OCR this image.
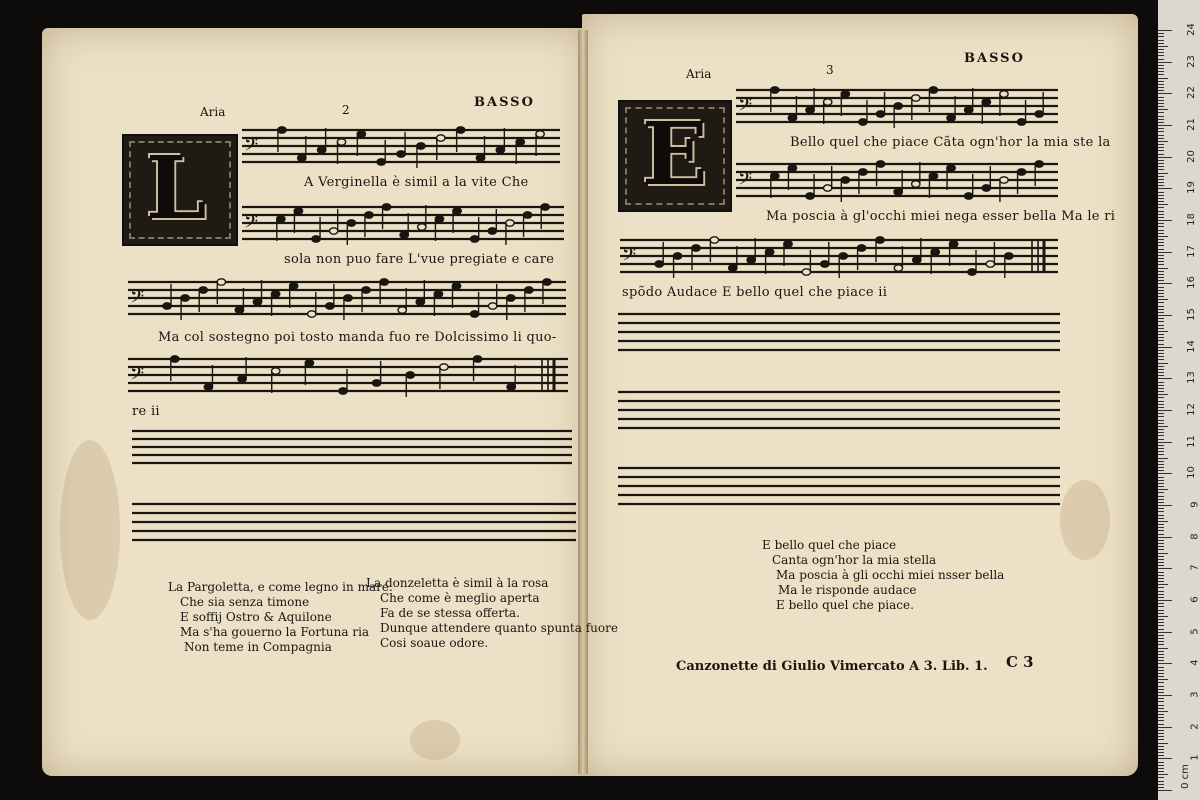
Aria	2	BASSO
L 𝄢
A Verginella è simil a la vite Che
𝄢
sola non puo fare L'vue pregiate e care
𝄢
Ma col sostegno poi tosto manda fuo re Dolcissimo li quo-
𝄢
re ii
La Pargoletta, e come legno in mare.
Che sia senza timone
E soffij Ostro & Aquilone
Ma s'ha gouerno la Fortuna ria
Non teme in Compagnia
La donzeletta è simil à la rosa
Che come è meglio aperta
Fa de se stessa offerta.
Dunque attendere quanto spunta fuore
Cosi soaue odore.
Aria	3
BASSO
E 𝄢
Bello quel che piace Cãta ogn'hor la mia ste la
𝄢
Ma poscia à gl'occhi miei nega esser bella Ma le ri
𝄢
spõdo Audace E bello quel che piace ii
E bello quel che piace
Canta ogn'hor la mia stella
Ma poscia à gli occhi miei nsser bella
Ma le risponde audace
E bello quel che piace.
Canzonette di Giulio Vimercato A 3. Lib. 1. C 3
0 cm
1
2
3
4
5
6
7
8
9
10
11
12
13
14
15
16
17
18
19
20
21
22
23
24
